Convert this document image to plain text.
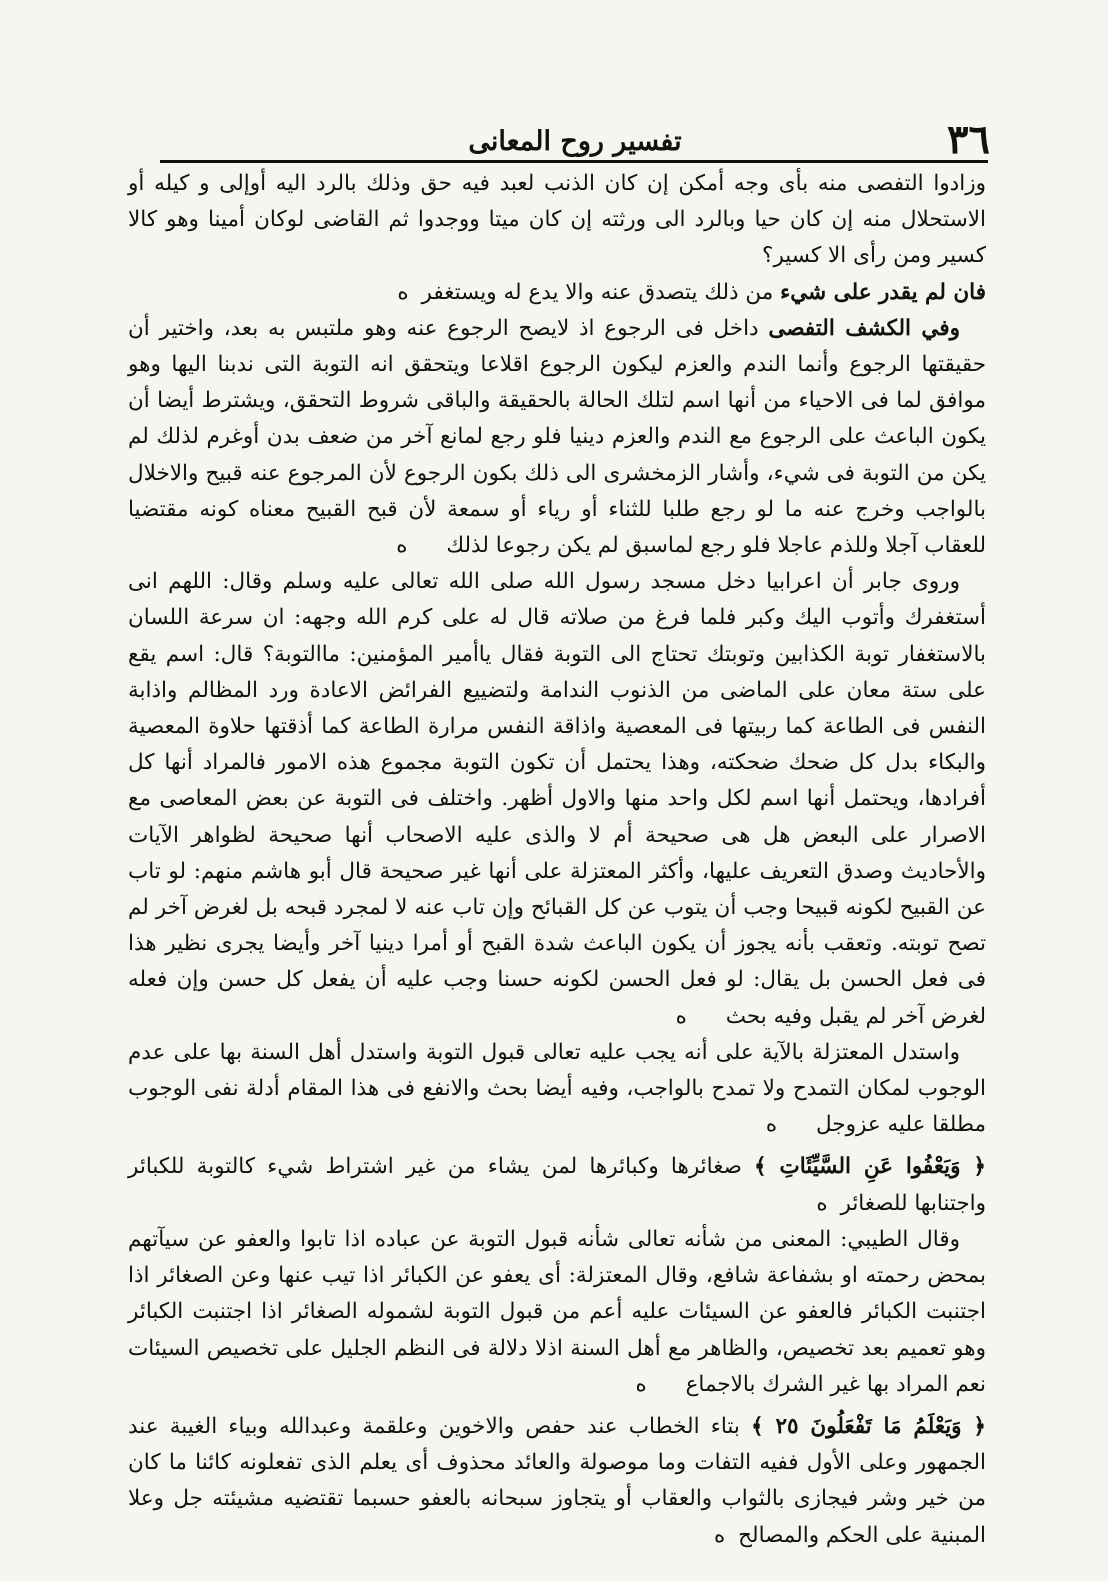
٣٦
تفسير روح المعانى

وزادوا التفصى منه بأى وجه أمكن إن كان الذنب لعبد فيه حق وذلك بالرد اليه أوإلى و كيله أو الاستحلال منه إن كان حيا وبالرد الى ورثته إن كان ميتا ووجدوا ثم القاضى لوكان أمينا وهو كالا كسير ومن رأى الا كسير؟

فان لم يقدر على شيء من ذلك يتصدق عنه والا يدع له ويستغفر ه

وفي الكشف التفصى داخل فى الرجوع اذ لايصح الرجوع عنه وهو ملتبس به بعد، واختير أن حقيقتها الرجوع وأنما الندم والعزم ليكون الرجوع اقلاعا ويتحقق انه التوبة التى ندبنا اليها وهو موافق لما فى الاحياء من أنها اسم لتلك الحالة بالحقيقة والباقى شروط التحقق، ويشترط أيضا أن يكون الباعث على الرجوع مع الندم والعزم دينيا فلو رجع لمانع آخر من ضعف بدن أوغرم لذلك لم يكن من التوبة فى شيء، وأشار الزمخشرى الى ذلك بكون الرجوع لأن المرجوع عنه قبيح والاخلال بالواجب وخرج عنه ما لو رجع طلبا للثناء أو رياء أو سمعة لأن قبح القبيح معناه كونه مقتضيا للعقاب آجلا وللذم عاجلا فلو رجع لماسبق لم يكن رجوعا لذلك ه

وروى جابر أن اعرابيا دخل مسجد رسول الله صلى الله تعالى عليه وسلم وقال: اللهم انى أستغفرك وأتوب اليك وكبر فلما فرغ من صلاته قال له على كرم الله وجهه: ان سرعة اللسان بالاستغفار توبة الكذابين وتوبتك تحتاج الى التوبة فقال ياأمير المؤمنين: ماالتوبة؟ قال: اسم يقع على ستة معان على الماضى من الذنوب الندامة ولتضييع الفرائض الاعادة ورد المظالم واذابة النفس فى الطاعة كما ربيتها فى المعصية واذاقة النفس مرارة الطاعة كما أذقتها حلاوة المعصية والبكاء بدل كل ضحك ضحكته، وهذا يحتمل أن تكون التوبة مجموع هذه الامور فالمراد أنها كل أفرادها، ويحتمل أنها اسم لكل واحد منها والاول أظهر. واختلف فى التوبة عن بعض المعاصى مع الاصرار على البعض هل هى صحيحة أم لا والذى عليه الاصحاب أنها صحيحة لظواهر الآيات والأحاديث وصدق التعريف عليها، وأكثر المعتزلة على أنها غير صحيحة قال أبو هاشم منهم: لو تاب عن القبيح لكونه قبيحا وجب أن يتوب عن كل القبائح وإن تاب عنه لا لمجرد قبحه بل لغرض آخر لم تصح توبته. وتعقب بأنه يجوز أن يكون الباعث شدة القبح أو أمرا دينيا آخر وأيضا يجرى نظير هذا فى فعل الحسن بل يقال: لو فعل الحسن لكونه حسنا وجب عليه أن يفعل كل حسن وإن فعله لغرض آخر لم يقبل وفيه بحث ه

واستدل المعتزلة بالآية على أنه يجب عليه تعالى قبول التوبة واستدل أهل السنة بها على عدم الوجوب لمكان التمدح ولا تمدح بالواجب، وفيه أيضا بحث والانفع فى هذا المقام أدلة نفى الوجوب مطلقا عليه عزوجل ه

﴿ وَيَعْفُوا عَنِ السَّيِّئَاتِ ﴾ صغائرها وكبائرها لمن يشاء من غير اشتراط شيء كالتوبة للكبائر واجتنابها للصغائر ه

وقال الطيبي: المعنى من شأنه تعالى شأنه قبول التوبة عن عباده اذا تابوا والعفو عن سيآتهم بمحض رحمته او بشفاعة شافع، وقال المعتزلة: أى يعفو عن الكبائر اذا تيب عنها وعن الصغائر اذا اجتنبت الكبائر فالعفو عن السيئات عليه أعم من قبول التوبة لشموله الصغائر اذا اجتنبت الكبائر وهو تعميم بعد تخصيص، والظاهر مع أهل السنة اذلا دلالة فى النظم الجليل على تخصيص السيئات نعم المراد بها غير الشرك بالاجماع ه

﴿ وَيَعْلَمُ مَا تَفْعَلُونَ ٢٥ ﴾ بتاء الخطاب عند حفص والاخوين وعلقمة وعبدالله وبياء الغيبة عند الجمهور وعلى الأول ففيه التفات وما موصولة والعائد محذوف أى يعلم الذى تفعلونه كائنا ما كان من خير وشر فيجازى بالثواب والعقاب أو يتجاوز سبحانه بالعفو حسبما تقتضيه مشيئته جل وعلا المبنية على الحكم والمصالح ه
